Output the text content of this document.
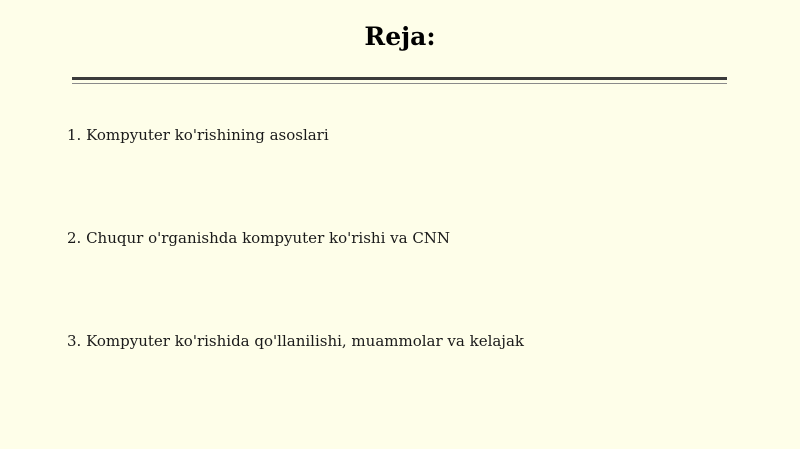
Reja:
1. Kompyuter ko'rishining asoslari
2. Chuqur o'rganishda kompyuter ko'rishi va CNN
3. Kompyuter ko'rishida qo'llanilishi, muammolar va kelajak
